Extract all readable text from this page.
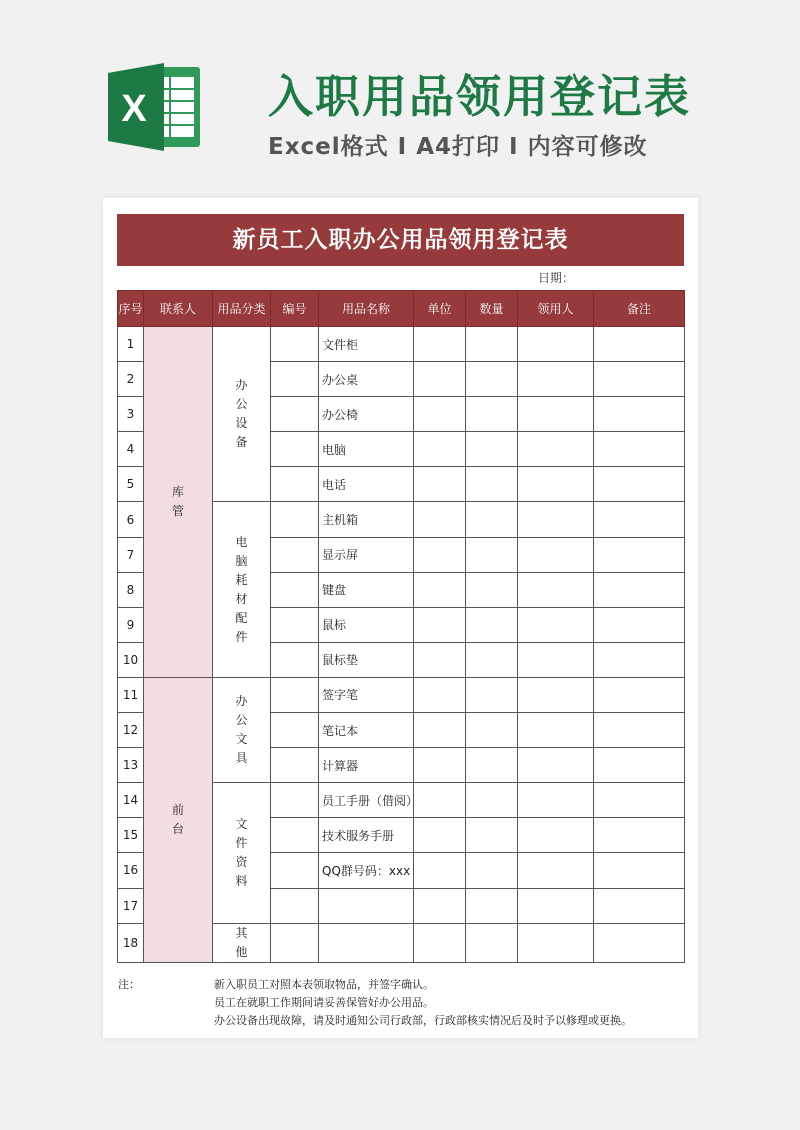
X	入职用品领用登记表
Excel格式 I A4打印 I 内容可修改
新员工入职办公用品领用登记表
日期：
序号	联系人	用品分类	编号	用品名称	单位	数量	领用人	备注
1	库管	办公设备		文件柜				
2				办公桌				
3				办公椅				
4				电脑				
5				电话				
6		电脑耗材配件		主机箱				
7				显示屏				
8				键盘				
9				鼠标				
10				鼠标垫				
11	前台	办公文具		签字笔				
12				笔记本				
13				计算器				
14		文件资料		员工手册（借阅）				
15				技术服务手册				
16				QQ群号码：xxx				
17								
18		其他						
注：	新入职员工对照本表领取物品，并签字确认。
员工在就职工作期间请妥善保管好办公用品。
办公设备出现故障，请及时通知公司行政部，行政部核实情况后及时予以修理或更换。
